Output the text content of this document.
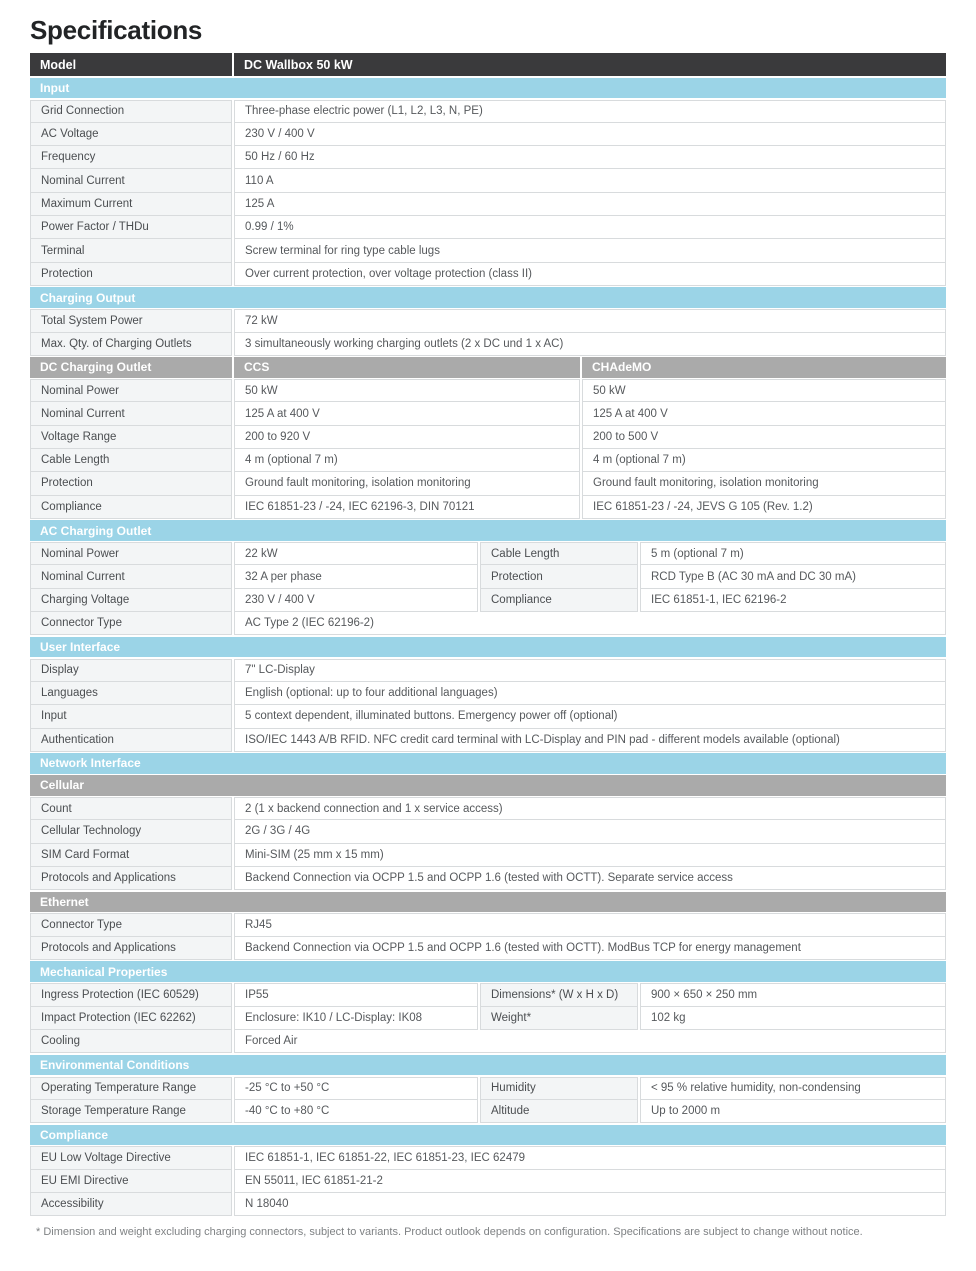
Specifications
Model	DC Wallbox 50 kW
Input
Grid Connection	Three-phase electric power (L1, L2, L3, N, PE)
AC Voltage	230 V / 400 V
Frequency	50 Hz / 60 Hz
Nominal Current	110 A
Maximum Current	125 A
Power Factor / THDu	0.99 / 1%
Terminal	Screw terminal for ring type cable lugs
Protection	Over current protection, over voltage protection (class II)
Charging Output
Total System Power	72 kW
Max. Qty. of Charging Outlets	3 simultaneously working charging outlets (2 x DC und 1 x AC)
DC Charging Outlet	CCS	CHAdeMO
Nominal Power	50 kW	50 kW
Nominal Current	125 A at 400 V	125 A at 400 V
Voltage Range	200 to 920 V	200 to 500 V
Cable Length	4 m (optional 7 m)	4 m (optional 7 m)
Protection	Ground fault monitoring, isolation monitoring	Ground fault monitoring, isolation monitoring
Compliance	IEC 61851-23 / -24, IEC 62196-3, DIN 70121	IEC 61851-23 / -24, JEVS G 105 (Rev. 1.2)
AC Charging Outlet
Nominal Power	22 kW	Cable Length	5 m (optional 7 m)
Nominal Current	32 A per phase	Protection	RCD Type B (AC 30 mA and DC 30 mA)
Charging Voltage	230 V / 400 V	Compliance	IEC 61851-1, IEC 62196-2
Connector Type	AC Type 2 (IEC 62196-2)
User Interface
Display	7" LC-Display
Languages	English (optional: up to four additional languages)
Input	5 context dependent, illuminated buttons. Emergency power off (optional)
Authentication	ISO/IEC 1443 A/B RFID. NFC credit card terminal with LC-Display and PIN pad - different models available (optional)
Network Interface
Cellular
Count	2 (1 x backend connection and 1 x service access)
Cellular Technology	2G / 3G / 4G
SIM Card Format	Mini-SIM (25 mm x 15 mm)
Protocols and Applications	Backend Connection via OCPP 1.5 and OCPP 1.6 (tested with OCTT). Separate service access
Ethernet
Connector Type	RJ45
Protocols and Applications	Backend Connection via OCPP 1.5 and OCPP 1.6 (tested with OCTT). ModBus TCP for energy management
Mechanical Properties
Ingress Protection (IEC 60529)	IP55	Dimensions* (W x H x D)	900 × 650 × 250 mm
Impact Protection (IEC 62262)	Enclosure: IK10 / LC-Display: IK08	Weight*	102 kg
Cooling	Forced Air
Environmental Conditions
Operating Temperature Range	-25 °C to +50 °C	Humidity	< 95 % relative humidity, non-condensing
Storage Temperature Range	-40 °C to +80 °C	Altitude	Up to 2000 m
Compliance
EU Low Voltage Directive	IEC 61851-1, IEC 61851-22, IEC 61851-23, IEC 62479
EU EMI Directive	EN 55011, IEC 61851-21-2
Accessibility	N 18040

* Dimension and weight excluding charging connectors, subject to variants. Product outlook depends on configuration. Specifications are subject to change without notice.
